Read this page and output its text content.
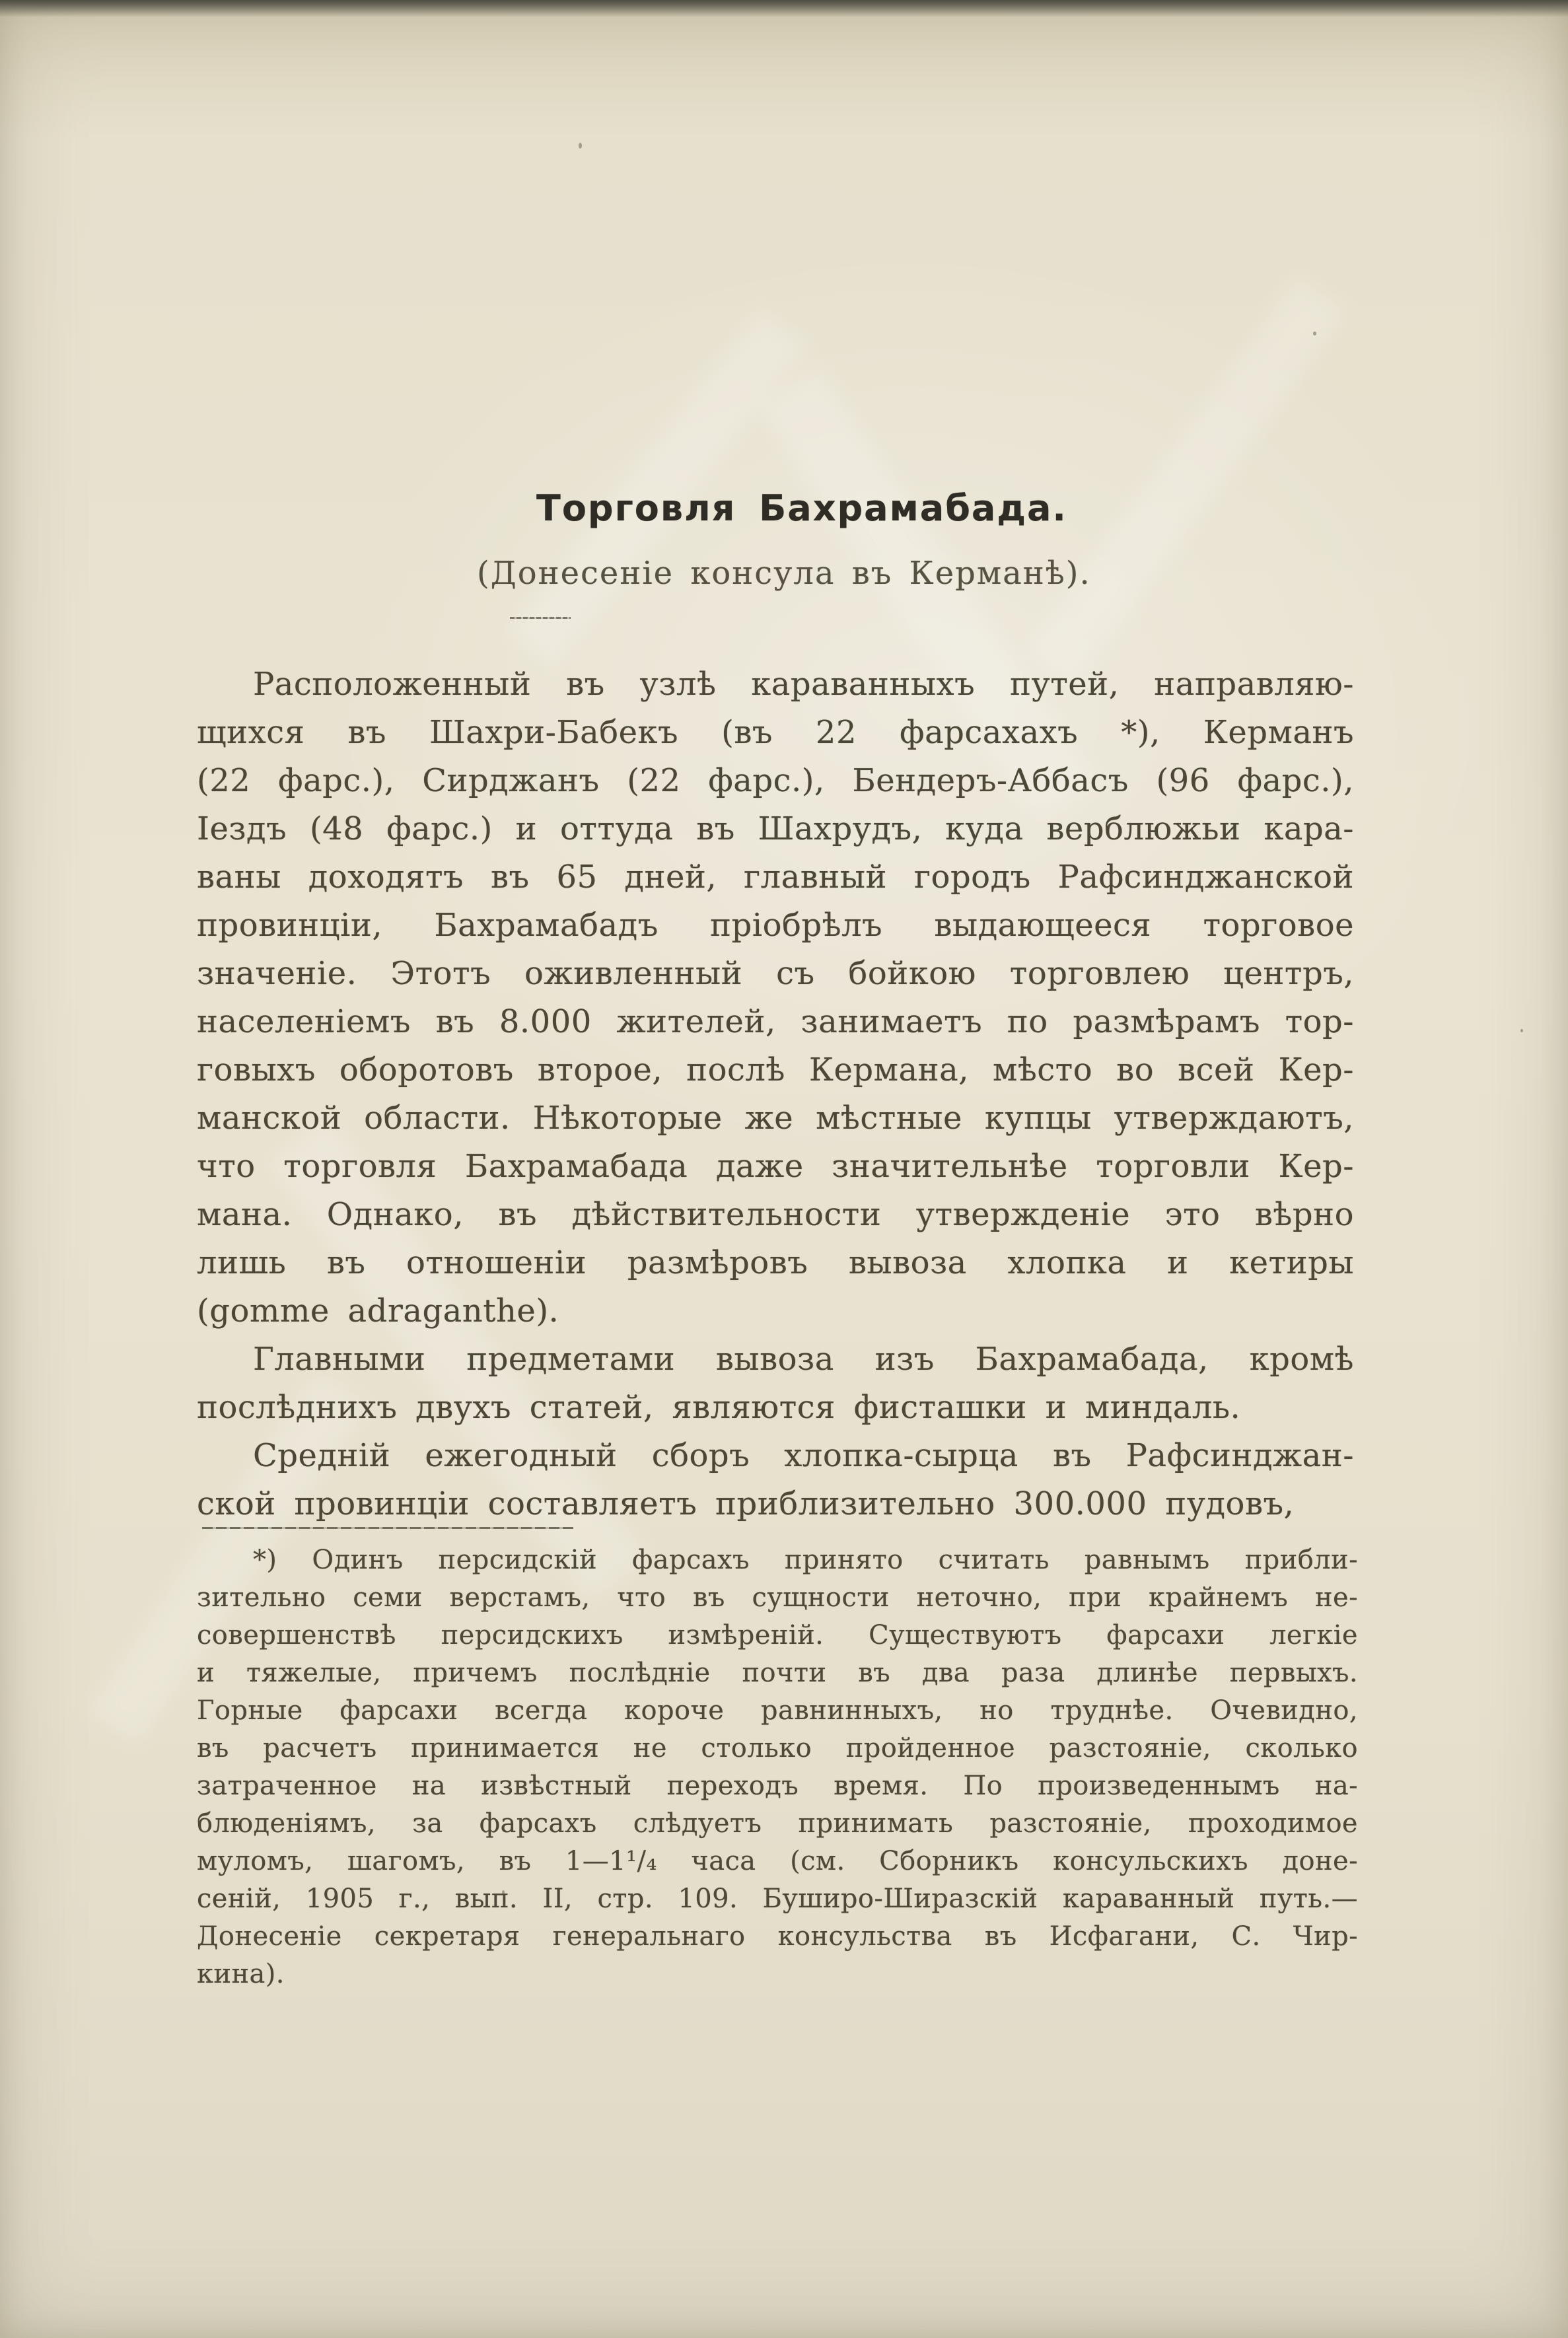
Торговля Бахрамабада.
(Донесеніе консула въ Керманѣ).
Расположенный въ узлѣ караванныхъ путей, направляю-
щихся въ Шахри-Бабекъ (въ 22 фарсахахъ *), Керманъ
(22 фарс.), Сирджанъ (22 фарс.), Бендеръ-Аббасъ (96 фарс.),
Іездъ (48 фарс.) и оттуда въ Шахрудъ, куда верблюжьи кара-
ваны доходятъ въ 65 дней, главный городъ Рафсинджанской
провинціи, Бахрамабадъ пріобрѣлъ выдающееся торговое
значеніе. Этотъ оживленный съ бойкою торговлею центръ,
населеніемъ въ 8.000 жителей, занимаетъ по размѣрамъ тор-
говыхъ оборотовъ второе, послѣ Кермана, мѣсто во всей Кер-
манской области. Нѣкоторые же мѣстные купцы утверждаютъ,
что торговля Бахрамабада даже значительнѣе торговли Кер-
мана. Однако, въ дѣйствительности утвержденіе это вѣрно
лишь въ отношеніи размѣровъ вывоза хлопка и кетиры
(gomme adraganthe).
Главными предметами вывоза изъ Бахрамабада, кромѣ
послѣднихъ двухъ статей, являются фисташки и миндаль.
Средній ежегодный сборъ хлопка-сырца въ Рафсинджан-
ской провинціи составляетъ приблизительно 300.000 пудовъ,
*) Одинъ персидскій фарсахъ принято считать равнымъ прибли-
зительно семи верстамъ, что въ сущности неточно, при крайнемъ не-
совершенствѣ персидскихъ измѣреній. Существуютъ фарсахи легкіе
и тяжелые, причемъ послѣдніе почти въ два раза длинѣе первыхъ.
Горные фарсахи всегда короче равнинныхъ, но труднѣе. Очевидно,
въ расчетъ принимается не столько пройденное разстояніе, сколько
затраченное на извѣстный переходъ время. По произведеннымъ на-
блюденіямъ, за фарсахъ слѣдуетъ принимать разстояніе, проходимое
муломъ, шагомъ, въ 1—1¹/₄ часа (см. Сборникъ консульскихъ доне-
сеній, 1905 г., вып. II, стр. 109. Буширо-Ширазскій караванный путь.—
Донесеніе секретаря генеральнаго консульства въ Исфагани, С. Чир-
кина).
